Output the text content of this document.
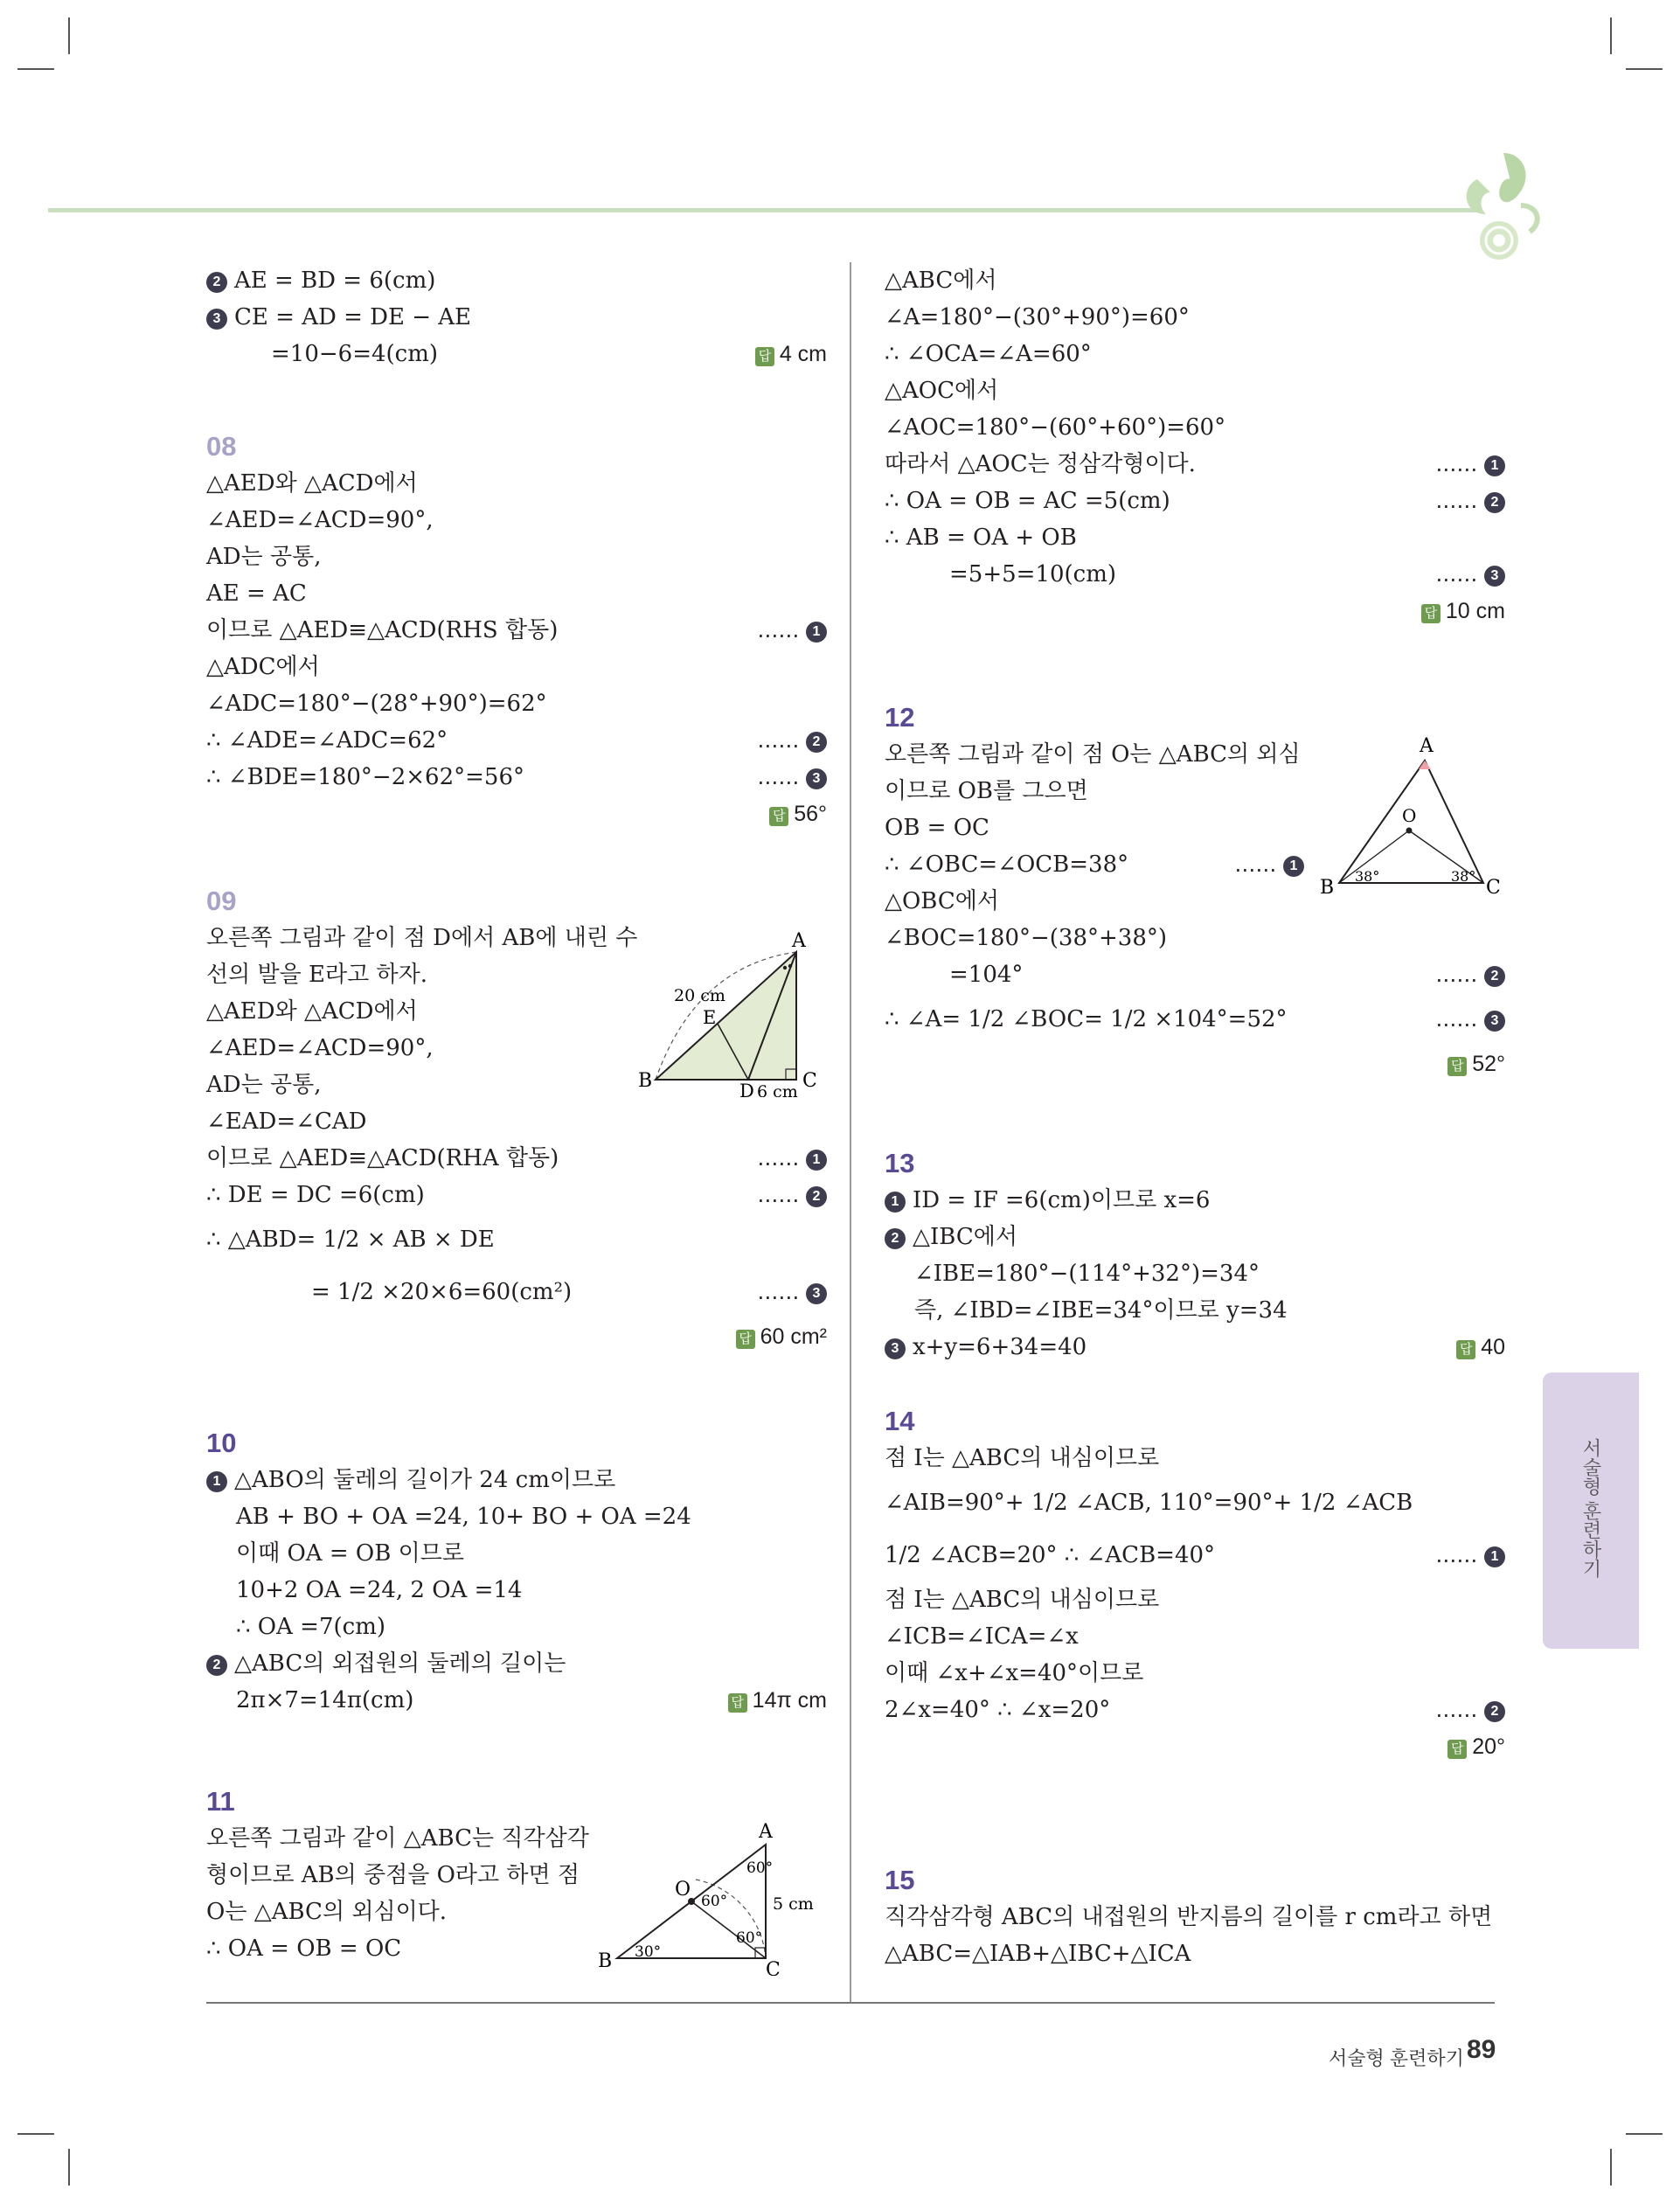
2 AE = BD = 6(cm)
3 CE = AD = DE − AE
=10−6=4(cm)	답 4 cm
08
△AED와 △ACD에서
∠AED=∠ACD=90°,
AD는 공통,
AE = AC
이므로 △AED≡△ACD(RHS 합동)	…… 1
△ADC에서
∠ADC=180°−(28°+90°)=62°
∴ ∠ADE=∠ADC=62°	…… 2
∴ ∠BDE=180°−2×62°=56°	…… 3
답 56°
09
오른쪽 그림과 같이 점 D에서 AB에 내린 수
선의 발을 E라고 하자.
△AED와 △ACD에서
∠AED=∠ACD=90°,
AD는 공통,
∠EAD=∠CAD
이므로 △AED≡△ACD(RHA 합동)	…… 1
∴ DE = DC =6(cm)	…… 2
∴ △ABD= 1/2 × AB × DE
= 1/2 ×20×6=60(cm²)	…… 3
답 60 cm²
A
B	C
D
E
20 cm
6 cm
10
1 △ABO의 둘레의 길이가 24 cm이므로
AB + BO + OA =24, 10+ BO + OA =24
이때 OA = OB 이므로
10+2 OA =24, 2 OA =14
∴ OA =7(cm)
2 △ABC의 외접원의 둘레의 길이는
2π×7=14π(cm)	답 14π cm
11
오른쪽 그림과 같이 △ABC는 직각삼각
형이므로 AB의 중점을 O라고 하면 점
O는 △ABC의 외심이다.
∴ OA = OB = OC
A
B	C
O
60°
60°
60°
30°
5 cm
△ABC에서
∠A=180°−(30°+90°)=60°
∴ ∠OCA=∠A=60°
△AOC에서
∠AOC=180°−(60°+60°)=60°
따라서 △AOC는 정삼각형이다.	…… 1
∴ OA = OB = AC =5(cm)	…… 2
∴ AB = OA + OB
=5+5=10(cm)	…… 3
답 10 cm
12
오른쪽 그림과 같이 점 O는 △ABC의 외심
이므로 OB를 그으면
OB = OC
∴ ∠OBC=∠OCB=38°	…… 1
△OBC에서
∠BOC=180°−(38°+38°)
=104°	…… 2
∴ ∠A= 1/2 ∠BOC= 1/2 ×104°=52°	…… 3
답 52°
A
B	C
O
38°	38°
13
1 ID = IF =6(cm)이므로 x=6
2 △IBC에서
∠IBE=180°−(114°+32°)=34°
즉, ∠IBD=∠IBE=34°이므로 y=34
3 x+y=6+34=40	답 40
14
점 I는 △ABC의 내심이므로
∠AIB=90°+ 1/2 ∠ACB, 110°=90°+ 1/2 ∠ACB
1/2 ∠ACB=20° ∴ ∠ACB=40°	…… 1
점 I는 △ABC의 내심이므로
∠ICB=∠ICA=∠x
이때 ∠x+∠x=40°이므로
2∠x=40° ∴ ∠x=20°	…… 2
답 20°
15
직각삼각형 ABC의 내접원의 반지름의 길이를 r cm라고 하면
△ABC=△IAB+△IBC+△ICA
서술형 훈련하기
서술형 훈련하기 89
